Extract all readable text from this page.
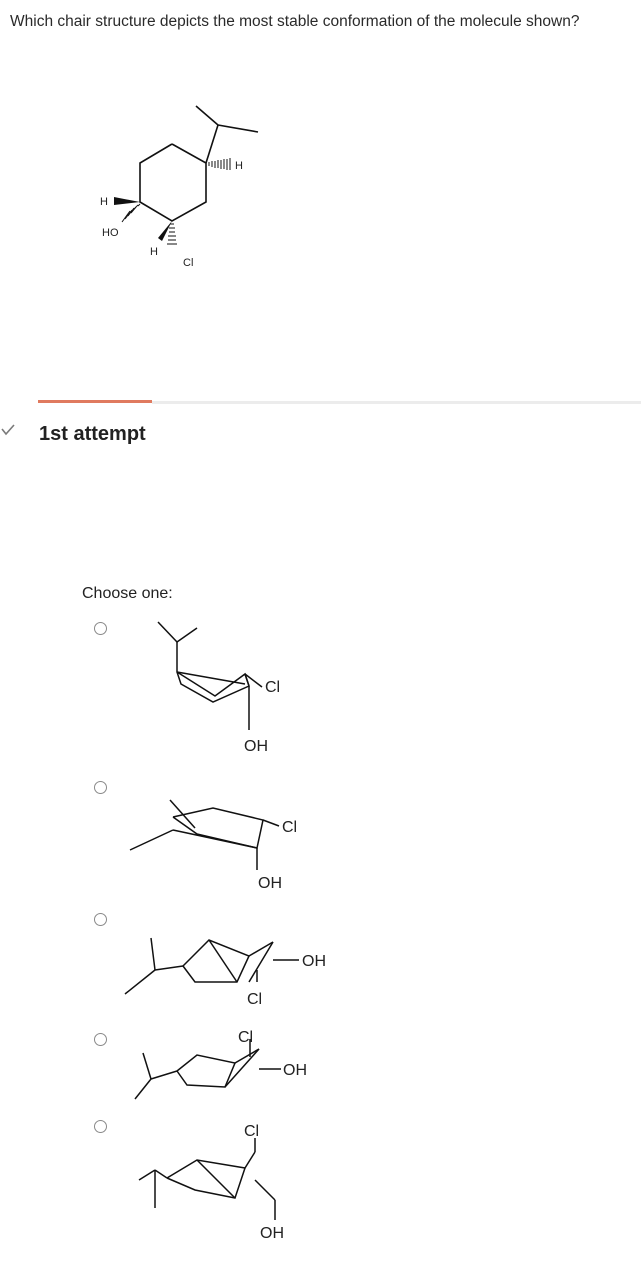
Which chair structure depicts the most stable conformation of the molecule shown?
H
H
HO
H
Cl
1st attempt
Choose one:
Cl
OH
Cl
OH
OH
Cl
Cl
OH
Cl
OH
